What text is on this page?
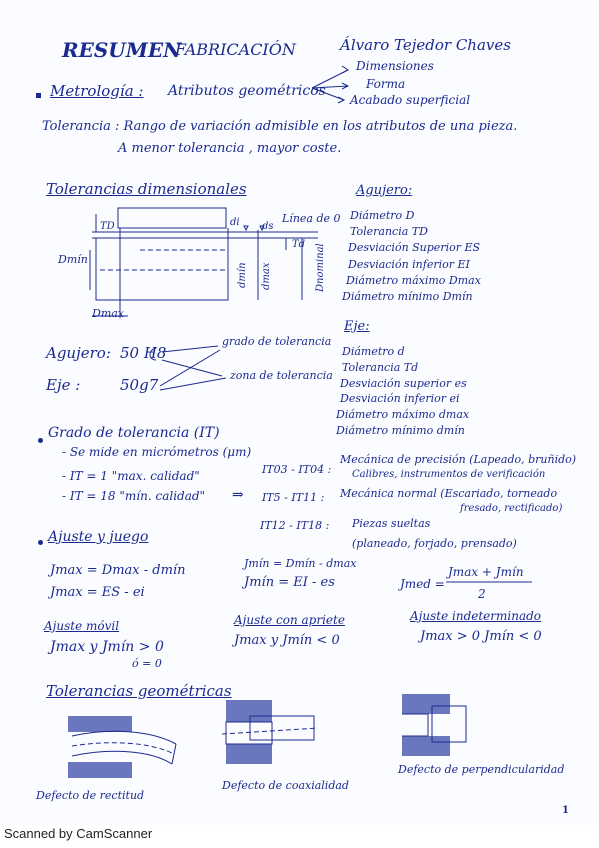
RESUMEN
FABRICACIÓN	Álvaro Tejedor Chaves
Metrología : Atributos geométricos
Dimensiones
Forma
Acabado superficial
Tolerancia : Rango de variación admisible en los atributos de una pieza.
A menor tolerancia , mayor coste.
Tolerancias dimensionales
TD	di ds
Línea de 0
Td
Dmín
Dmax
dmín dmax	Dnominal
Agujero:
Diámetro D
Tolerancia TD
Desviación Superior ES
Desviación inferior EI
Diámetro máximo Dmax
Diámetro mínimo Dmín
Eje:
Diámetro d
Tolerancia Td
Desviación superior es
Desviación inferior ei
Diámetro máximo dmax
Diámetro mínimo dmín
Agujero: 50 H8
Eje :	50g7
grado de tolerancia
zona de tolerancia
Grado de tolerancia (IT)
- Se mide en micrómetros (μm)
- IT = 1 "max. calidad"
- IT = 18 "mín. calidad" ⇒
IT03 - IT04 :
Mecánica de precisión (Lapeado, bruñido)
Calibres, instrumentos de verificación
IT5 - IT11 : Mecánica normal (Escariado, torneado
fresado, rectificado)
IT12 - IT18 : Piezas sueltas
(planeado, forjado, prensado)
Ajuste y juego
Jmax = Dmax - dmín
Jmax = ES - ei
Jmín = Dmín - dmax
Jmín = EI - es	Jmed =
Jmax + Jmín
2
Ajuste móvil
Jmax y Jmín > 0
ó = 0
Ajuste con apriete
Jmax y Jmín < 0
Ajuste indeterminado
Jmax > 0 Jmín < 0
Tolerancias geométricas
Defecto de rectitud
Defecto de coaxialidad
Defecto de perpendicularidad
1
Scanned by CamScanner
